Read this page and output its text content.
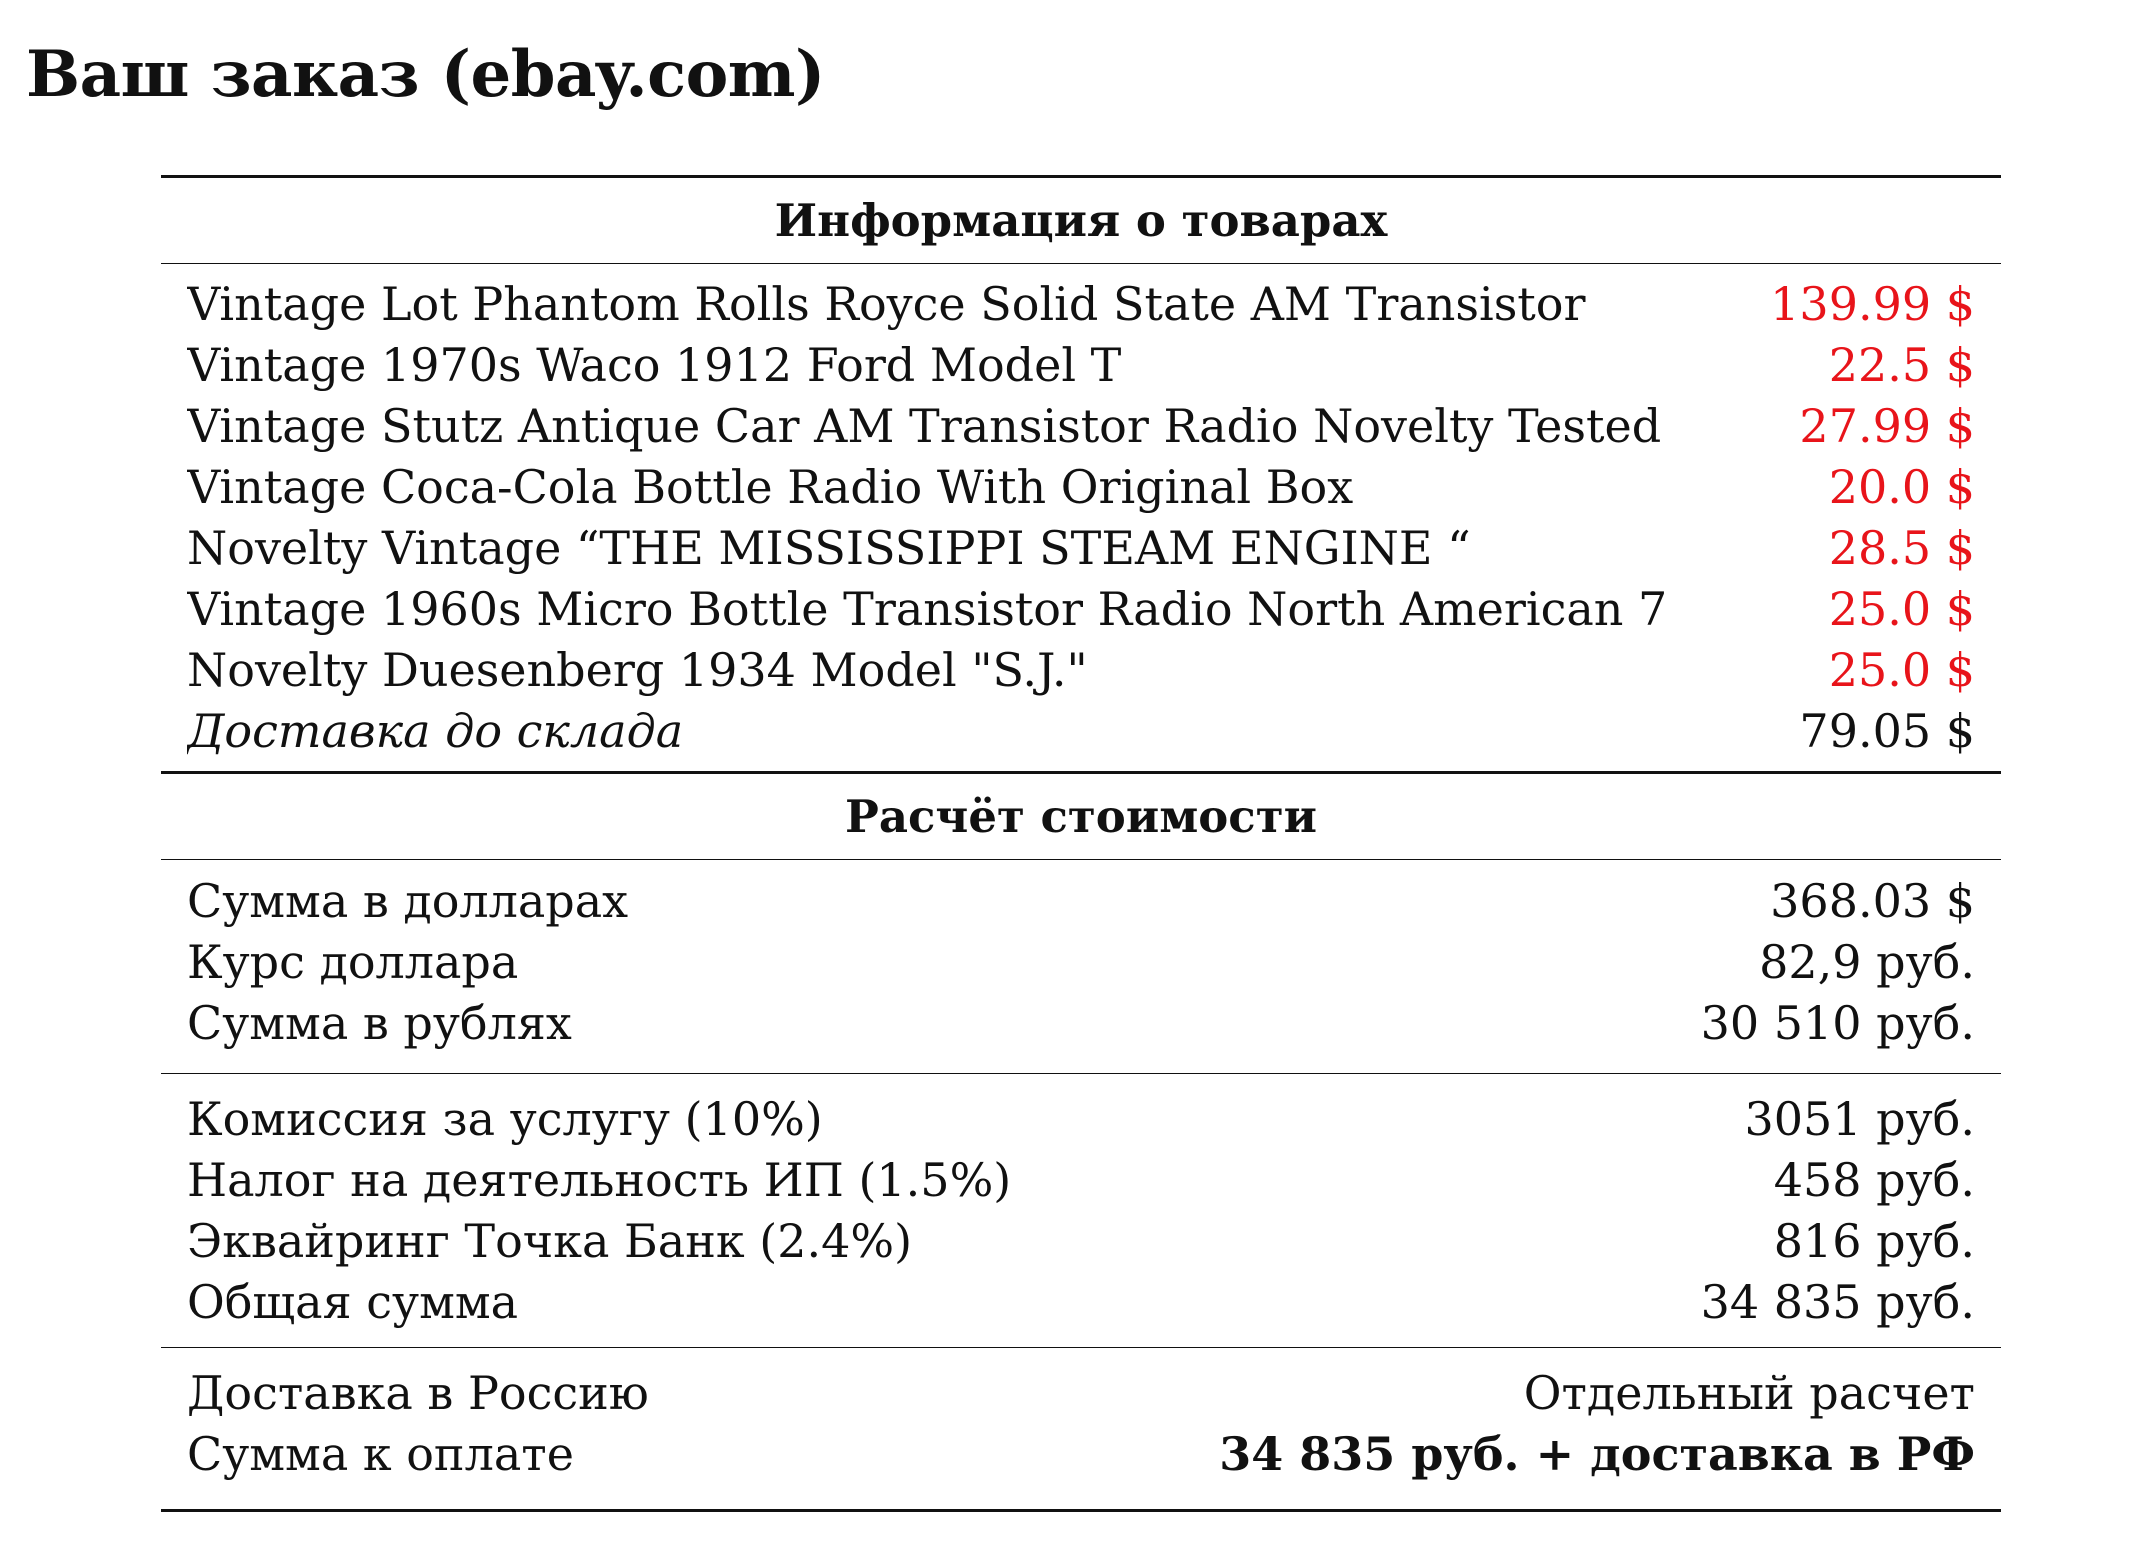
Ваш заказ (ebay.com)
Информация о товарах
Vintage Lot Phantom Rolls Royce Solid State AM Transistor	139.99 $
Vintage 1970s Waco 1912 Ford Model T	22.5 $
Vintage Stutz Antique Car AM Transistor Radio Novelty Tested	27.99 $
Vintage Coca-Cola Bottle Radio With Original Box	20.0 $
Novelty Vintage “THE MISSISSIPPI STEAM ENGINE “	28.5 $
Vintage 1960s Micro Bottle Transistor Radio North American 7	25.0 $
Novelty Duesenberg 1934 Model "S.J."	25.0 $
Доставка до склада	79.05 $
Расчёт стоимости
Сумма в долларах	368.03 $
Курс доллара	82,9 руб.
Сумма в рублях	30 510 руб.
Комиссия за услугу (10%)	3051 руб.
Налог на деятельность ИП (1.5%)	458 руб.
Эквайринг Точка Банк (2.4%)	816 руб.
Общая сумма	34 835 руб.
Доставка в Россию	Отдельный расчет
Сумма к оплате	34 835 руб. + доставка в РФ
